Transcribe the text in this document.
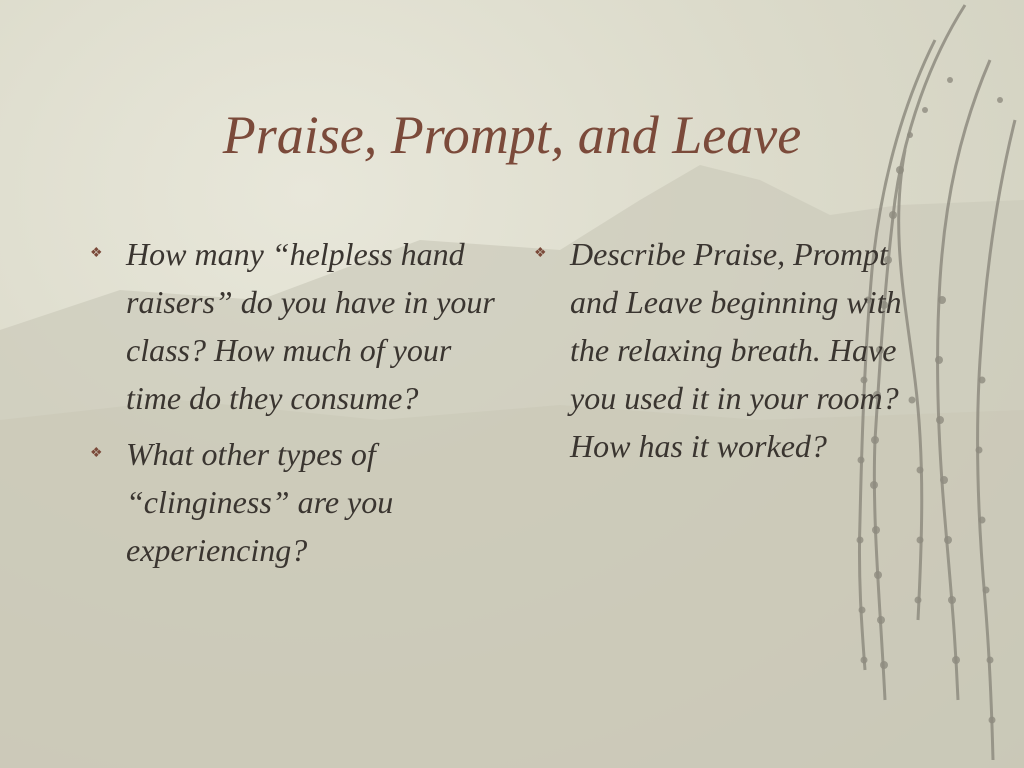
Praise, Prompt, and Leave
❖ How many “helpless hand raisers” do you have in your class? How much of your time do they consume?
❖ What other types of “clinginess” are you experiencing?
❖ Describe Praise, Prompt and Leave beginning with the relaxing breath. Have you used it in your room? How has it worked?
